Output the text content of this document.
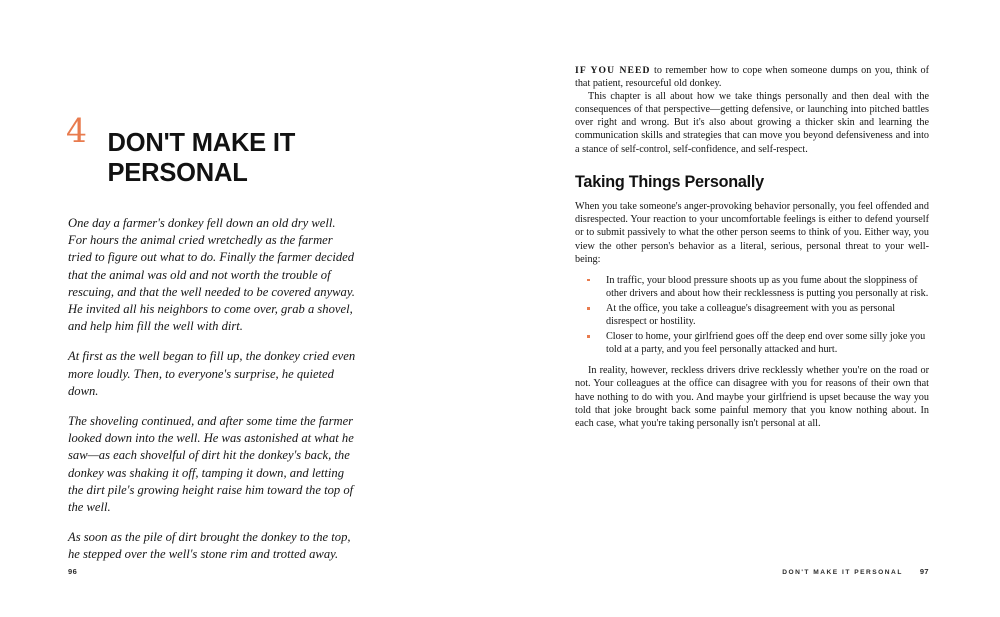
4 DON'T MAKE IT PERSONAL

One day a farmer's donkey fell down an old dry well. For hours the animal cried wretchedly as the farmer tried to figure out what to do. Finally the farmer decided that the animal was old and not worth the trouble of rescuing, and that the well needed to be covered anyway. He invited all his neighbors to come over, grab a shovel, and help him fill the well with dirt.

At first as the well began to fill up, the donkey cried even more loudly. Then, to everyone's surprise, he quieted down.

The shoveling continued, and after some time the farmer looked down into the well. He was astonished at what he saw—as each shovelful of dirt hit the donkey's back, the donkey was shaking it off, tamping it down, and letting the dirt pile's growing height raise him toward the top of the well.

As soon as the pile of dirt brought the donkey to the top, he stepped over the well's stone rim and trotted away.

96

IF YOU NEED to remember how to cope when someone dumps on you, think of that patient, resourceful old donkey.

This chapter is all about how we take things personally and then deal with the consequences of that perspective—getting defensive, or launching into pitched battles over right and wrong. But it's also about growing a thicker skin and learning the communication skills and strategies that can move you beyond defensiveness and into a stance of self-control, self-confidence, and self-respect.

Taking Things Personally

When you take someone's anger-provoking behavior personally, you feel offended and disrespected. Your reaction to your uncomfortable feelings is either to defend yourself or to submit passively to what the other person seems to think of you. Either way, you view the other person's behavior as a literal, serious, personal threat to your well-being:

In traffic, your blood pressure shoots up as you fume about the sloppiness of other drivers and about how their recklessness is putting you personally at risk.
At the office, you take a colleague's disagreement with you as personal disrespect or hostility.
Closer to home, your girlfriend goes off the deep end over some silly joke you told at a party, and you feel personally attacked and hurt.

In reality, however, reckless drivers drive recklessly whether you're on the road or not. Your colleagues at the office can disagree with you for reasons of their own that have nothing to do with you. And maybe your girlfriend is upset because the way you told that joke brought back some painful memory that you know nothing about. In each case, what you're taking personally isn't personal at all.

DON'T MAKE IT PERSONAL 97
